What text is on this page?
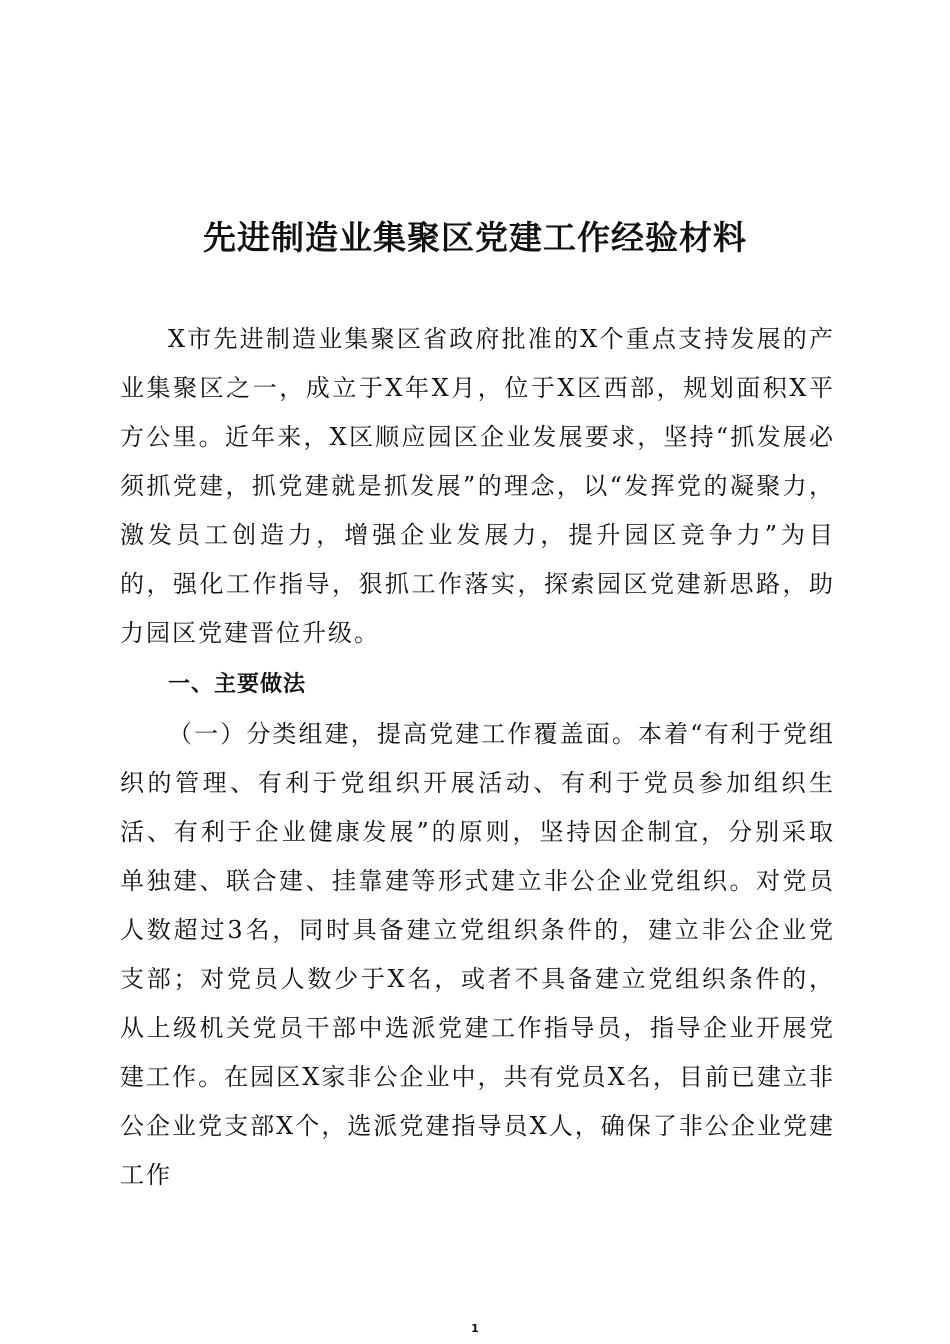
先进制造业集聚区党建工作经验材料

X市先进制造业集聚区省政府批准的X个重点支持发展的产业集聚区之一，成立于X年X月，位于X区西部，规划面积X平方公里。近年来，X区顺应园区企业发展要求，坚持“抓发展必须抓党建，抓党建就是抓发展”的理念，以“发挥党的凝聚力，激发员工创造力，增强企业发展力，提升园区竞争力”为目的，强化工作指导，狠抓工作落实，探索园区党建新思路，助力园区党建晋位升级。

一、主要做法

（一）分类组建，提高党建工作覆盖面。本着“有利于党组织的管理、有利于党组织开展活动、有利于党员参加组织生活、有利于企业健康发展”的原则，坚持因企制宜，分别采取单独建、联合建、挂靠建等形式建立非公企业党组织。对党员人数超过3名，同时具备建立党组织条件的，建立非公企业党支部；对党员人数少于X名，或者不具备建立党组织条件的，从上级机关党员干部中选派党建工作指导员，指导企业开展党建工作。在园区X家非公企业中，共有党员X名，目前已建立非公企业党支部X个，选派党建指导员X人，确保了非公企业党建工作

1
